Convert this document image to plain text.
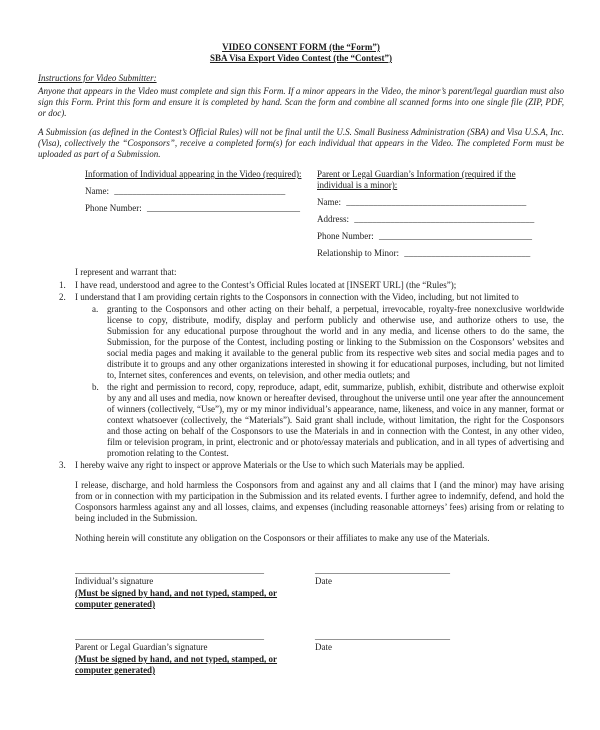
VIDEO CONSENT FORM (the “Form”)
SBA Visa Export Video Contest (the “Contest”)
Instructions for Video Submitter:
Anyone that appears in the Video must complete and sign this Form. If a minor appears in the Video, the minor’s parent/legal guardian must also sign this Form. Print this form and ensure it is completed by hand. Scan the form and combine all scanned forms into one single file (ZIP, PDF, or doc).
A Submission (as defined in the Contest’s Official Rules) will not be final until the U.S. Small Business Administration (SBA) and Visa U.S.A, Inc. (Visa), collectively the “Cosponsors”, receive a completed form(s) for each individual that appears in the Video. The completed Form must be uploaded as part of a Submission.
Information of Individual appearing in the Video (required):
Name: ______________________________________
Phone Number: __________________________________
Parent or Legal Guardian’s Information (required if the individual is a minor):
Name: ________________________________________
Address: ________________________________________
Phone Number: __________________________________
Relationship to Minor: ____________________________
I represent and warrant that:
1.	I have read, understood and agree to the Contest’s Official Rules located at [INSERT URL] (the “Rules”);
2.	I understand that I am providing certain rights to the Cosponsors in connection with the Video, including, but not limited to
a. granting to the Cosponsors and other acting on their behalf, a perpetual, irrevocable, royalty-free nonexclusive worldwide license to copy, distribute, modify, display and perform publicly and otherwise use, and authorize others to use, the Submission for any educational purpose throughout the world and in any media, and license others to do the same, the Submission, for the purpose of the Contest, including posting or linking to the Submission on the Cosponsors’ websites and social media pages and making it available to the general public from its respective web sites and social media pages and to distribute it to groups and any other organizations interested in showing it for educational purposes, including, but not limited to, Internet sites, conferences and events, on television, and other media outlets; and
b. the right and permission to record, copy, reproduce, adapt, edit, summarize, publish, exhibit, distribute and otherwise exploit by any and all uses and media, now known or hereafter devised, throughout the universe until one year after the announcement of winners (collectively, “Use”), my or my minor individual’s appearance, name, likeness, and voice in any manner, format or context whatsoever (collectively, the “Materials”). Said grant shall include, without limitation, the right for the Cosponsors and those acting on behalf of the Cosponsors to use the Materials in and in connection with the Contest, in any other video, film or television program, in print, electronic and or photo/essay materials and publication, and in all types of advertising and promotion relating to the Contest.
3.	I hereby waive any right to inspect or approve Materials or the Use to which such Materials may be applied.
I release, discharge, and hold harmless the Cosponsors from and against any and all claims that I (and the minor) may have arising from or in connection with my participation in the Submission and its related events. I further agree to indemnify, defend, and hold the Cosponsors harmless against any and all losses, claims, and expenses (including reasonable attorneys’ fees) arising from or relating to being included in the Submission.
Nothing herein will constitute any obligation on the Cosponsors or their affiliates to make any use of the Materials.
__________________________________________	______________________________
Individual’s signature	Date
(Must be signed by hand, and not typed, stamped, or computer generated)
__________________________________________	______________________________
Parent or Legal Guardian’s signature	Date
(Must be signed by hand, and not typed, stamped, or computer generated)
